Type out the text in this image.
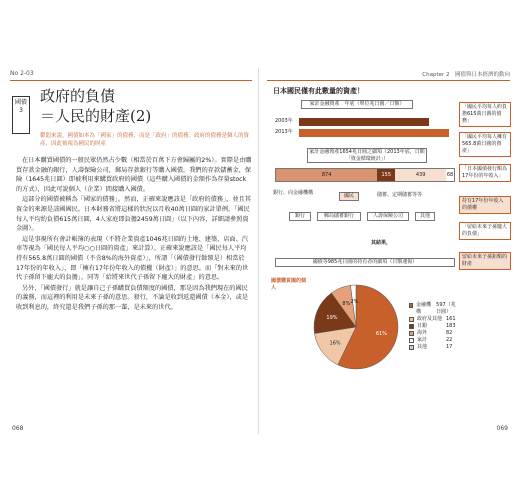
No 2-03
國債 3
政府的負債
＝人民的財產(2)
鬱悶來說，國債如本為「國家」的債務，而是「政府」的債務。政府的債務是個人的資產，因此被視為國民的財產

在日本購買國債的一般民眾仍然占少數（相當於百萬下方會歸屬的2%）。實際是由購買存款金融的銀行，人壽保險公司，郵局存款銀行等購入國債，我們的存款儲蓄金，保險（1645兆日圓）即被利用來購買政府的國債（這些購入國債的金額作為存量stock的方式），因此可說個人（企業）間接購入國債。

這部分的國債被稱為「國家的債務」。然而，正確來說應該是「政府的債務」，並且其資金的來源是該國國民。日本財務省將這樣的狀況以月收40萬日圓的家計單例，「國民每人平均約負債615萬日圓，4人家庭即負擔2459萬日圓」（以下內容，詳細請參照資金圖）。

這是事視所有會計帳簿的表現（不將企業資產1046兆日圓的土地、建築、店面、汽車等視為「國民每人平均○○日圓的資產」來計算）。正確來說應該是「國民每人平均持有565.8萬日圓的國債（不含8%的海外資產）」，所謂「（國債發行餘額是）相當於17年份的年收入」，即「擁有17年份年收入的債權（財產）」的意思。而「對未來的世代子孫留下龐大的負擔」，同等「給將來世代子孫留下龐大的財產」的意思。

另外，「國債發行」就是讓自己子孫購買負債額度的國債，那是因為我們現在的國民的義務，而這裡的利用是未來子孫的意思。發行，不論是收到返還國債（本金），或是收到利息的，終究還是我們子孫的那一輩，是未來的世代。

068
Chapter 2　國債與日本經濟的動向
日本國民僅有此數量的資產！
家計金融資產　年底（單位兆日圓／日額）
2003年
2013年
家計金融資產1654兆日圓之細項（2013年底，日額「資金循環統計」）
874	155	439	68
銀行、向金融機構	國民	儲蓄、定期儲蓄等等
銀行	郵局儲蓄銀行	人壽保險公司	其他
其結果，
國債等985兆日圓的持有者的細項（日額速報）
國債購買國的個人
61%
16%
19%
8% 2%	金融機構
597（兆日圓）
政府及其他 161
日銀	183
海外	82
家計	22
其他	17
「國民平均每人約負擔615萬日圓的債務」
「國民平均每人擁有565.8萬日圓的資產」
「日本國債發行額為17年份的年收入」
持有17年份年收入的債權
「留給未來子孫龐大的負債」
留給未來子孫鉅額的財產
069
